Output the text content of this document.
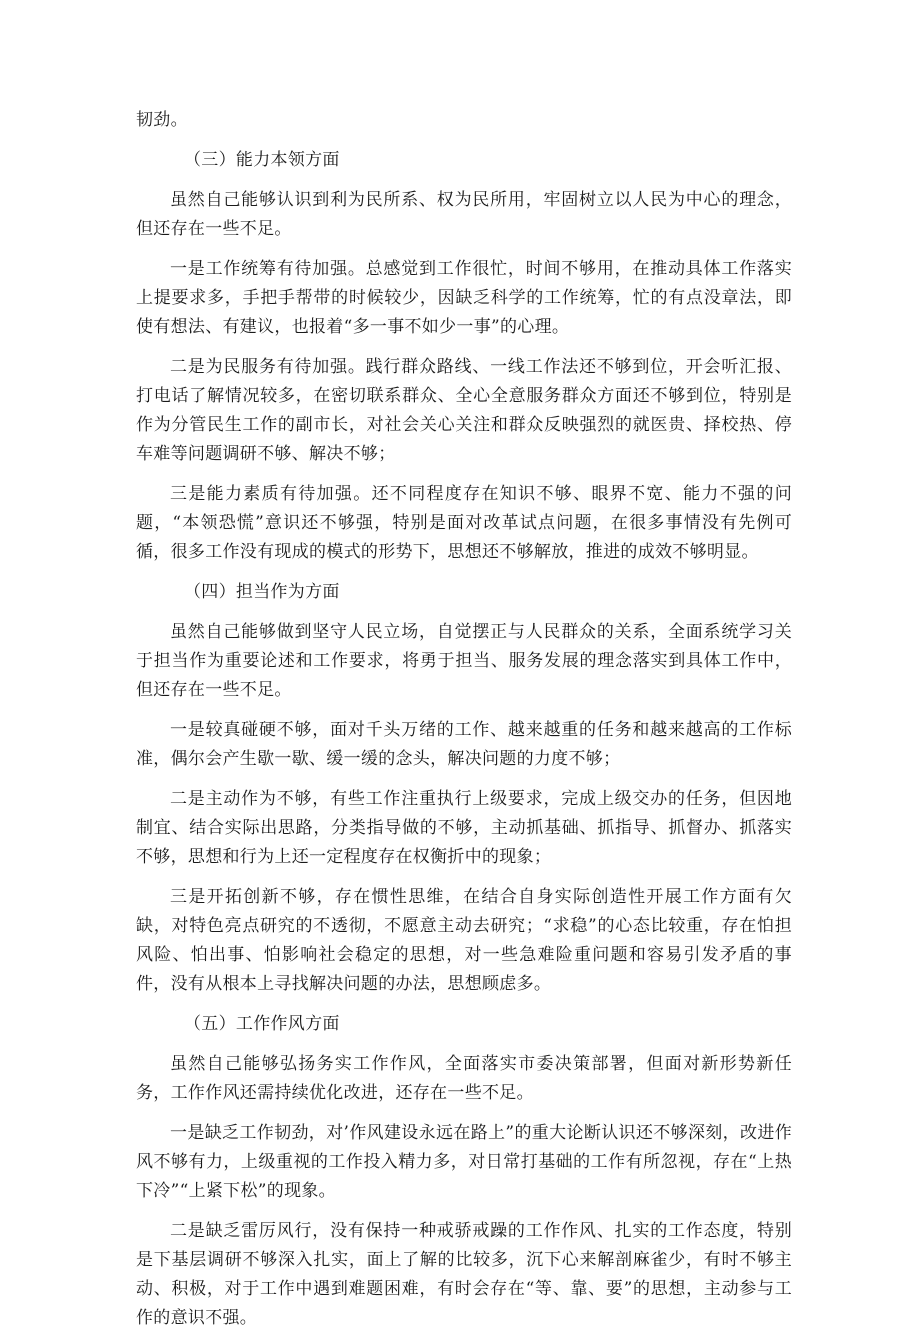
韧劲。

（三）能力本领方面

虽然自己能够认识到利为民所系、权为民所用，牢固树立以人民为中心的理念，但还存在一些不足。

一是工作统筹有待加强。总感觉到工作很忙，时间不够用，在推动具体工作落实上提要求多，手把手帮带的时候较少，因缺乏科学的工作统筹，忙的有点没章法，即使有想法、有建议，也报着“多一事不如少一事”的心理。

二是为民服务有待加强。践行群众路线、一线工作法还不够到位，开会听汇报、打电话了解情况较多，在密切联系群众、全心全意服务群众方面还不够到位，特别是作为分管民生工作的副市长，对社会关心关注和群众反映强烈的就医贵、择校热、停车难等问题调研不够、解决不够；

三是能力素质有待加强。还不同程度存在知识不够、眼界不宽、能力不强的问题，“本领恐慌”意识还不够强，特别是面对改革试点问题，在很多事情没有先例可循，很多工作没有现成的模式的形势下，思想还不够解放，推进的成效不够明显。

（四）担当作为方面

虽然自己能够做到坚守人民立场，自觉摆正与人民群众的关系，全面系统学习关于担当作为重要论述和工作要求，将勇于担当、服务发展的理念落实到具体工作中，但还存在一些不足。

一是较真碰硬不够，面对千头万绪的工作、越来越重的任务和越来越高的工作标准，偶尔会产生歇一歇、缓一缓的念头，解决问题的力度不够；

二是主动作为不够，有些工作注重执行上级要求，完成上级交办的任务，但因地制宜、结合实际出思路，分类指导做的不够，主动抓基础、抓指导、抓督办、抓落实不够，思想和行为上还一定程度存在权衡折中的现象；

三是开拓创新不够，存在惯性思维，在结合自身实际创造性开展工作方面有欠缺，对特色亮点研究的不透彻，不愿意主动去研究；“求稳”的心态比较重，存在怕担风险、怕出事、怕影响社会稳定的思想，对一些急难险重问题和容易引发矛盾的事件，没有从根本上寻找解决问题的办法，思想顾虑多。

（五）工作作风方面

虽然自己能够弘扬务实工作作风，全面落实市委决策部署，但面对新形势新任务，工作作风还需持续优化改进，还存在一些不足。

一是缺乏工作韧劲，对’作风建设永远在路上”的重大论断认识还不够深刻，改进作风不够有力，上级重视的工作投入精力多，对日常打基础的工作有所忽视，存在“上热下冷”“上紧下松”的现象。

二是缺乏雷厉风行，没有保持一种戒骄戒躁的工作作风、扎实的工作态度，特别是下基层调研不够深入扎实，面上了解的比较多，沉下心来解剖麻雀少，有时不够主动、积极，对于工作中遇到难题困难，有时会存在“等、靠、要”的思想，主动参与工作的意识不强。
